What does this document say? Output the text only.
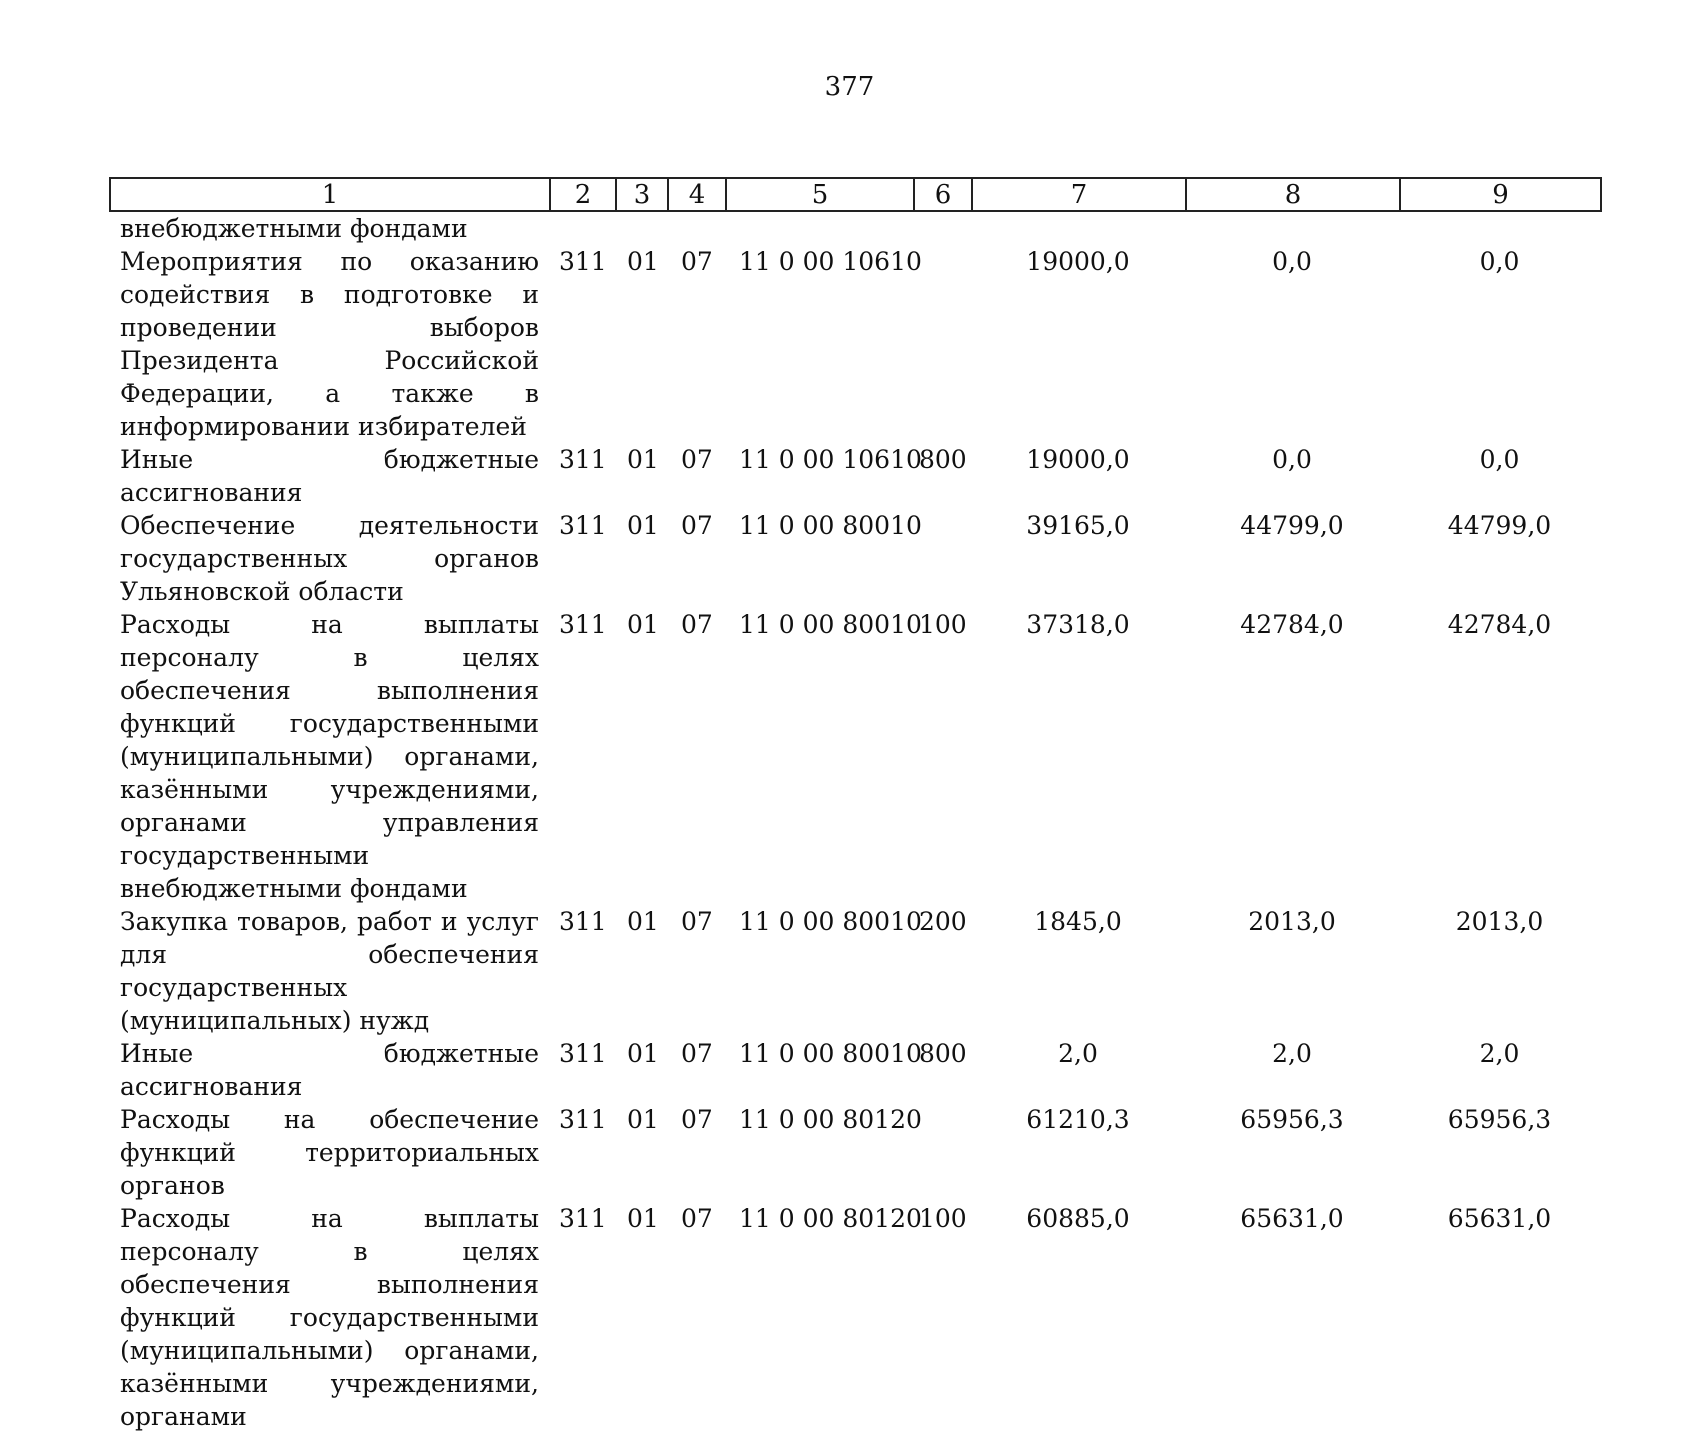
377
1	2	3	4	5	6	7	8	9
внебюджетными фондами								
Мероприятия по оказанию содействия в подготовке и проведении выборов Президента Российской Федерации, а также в информировании избирателей	311	01	07	11 0 00 10610		19000,0	0,0	0,0
Иные бюджетные ассигнования	311	01	07	11 0 00 10610	800	19000,0	0,0	0,0
Обеспечение деятельности государственных органов Ульяновской области	311	01	07	11 0 00 80010		39165,0	44799,0	44799,0
Расходы на выплаты персоналу в целях обеспечения выполнения функций государственными (муниципальными) органами, казёнными учреждениями, органами управления государственными внебюджетными фондами	311	01	07	11 0 00 80010	100	37318,0	42784,0	42784,0
Закупка товаров, работ и услуг для обеспечения государственных (муниципальных) нужд	311	01	07	11 0 00 80010	200	1845,0	2013,0	2013,0
Иные бюджетные ассигнования	311	01	07	11 0 00 80010	800	2,0	2,0	2,0
Расходы на обеспечение функций территориальных органов	311	01	07	11 0 00 80120		61210,3	65956,3	65956,3
Расходы на выплаты персоналу в целях обеспечения выполнения функций государственными (муниципальными) органами, казёнными учреждениями, органами	311	01	07	11 0 00 80120	100	60885,0	65631,0	65631,0
